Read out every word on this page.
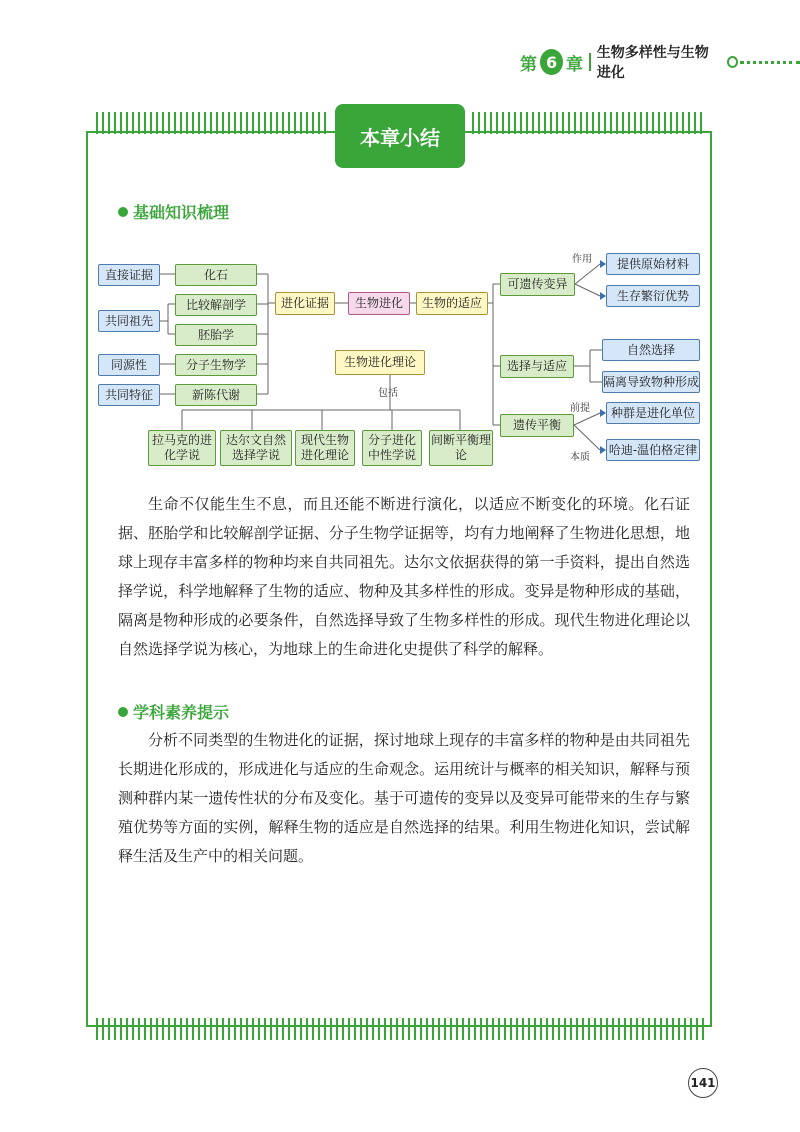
第 6 章
生物多样性与生物进化
本章小结
基础知识梳理
直接证据	化石
共同祖先
比较解剖学
胚胎学
同源性	分子生物学
共同特征	新陈代谢
进化证据	生物进化	生物的适应
生物进化理论
包括
拉马克的进化学说
达尔文自然选择学说
现代生物进化理论
分子进化中性学说
间断平衡理论
可遗传变异
作用	提供原始材料
生存繁衍优势
选择与适应
自然选择
隔离导致物种形成
遗传平衡
前提	种群是进化单位
本质
哈迪-温伯格定律

生命不仅能生生不息，而且还能不断进行演化，以适应不断变化的环境。化石证据、胚胎学和比较解剖学证据、分子生物学证据等，均有力地阐释了生物进化思想，地球上现存丰富多样的物种均来自共同祖先。达尔文依据获得的第一手资料，提出自然选择学说，科学地解释了生物的适应、物种及其多样性的形成。变异是物种形成的基础，隔离是物种形成的必要条件，自然选择导致了生物多样性的形成。现代生物进化理论以自然选择学说为核心，为地球上的生命进化史提供了科学的解释。

学科素养提示

分析不同类型的生物进化的证据，探讨地球上现存的丰富多样的物种是由共同祖先长期进化形成的，形成进化与适应的生命观念。运用统计与概率的相关知识，解释与预测种群内某一遗传性状的分布及变化。基于可遗传的变异以及变异可能带来的生存与繁殖优势等方面的实例，解释生物的适应是自然选择的结果。利用生物进化知识，尝试解释生活及生产中的相关问题。

141
